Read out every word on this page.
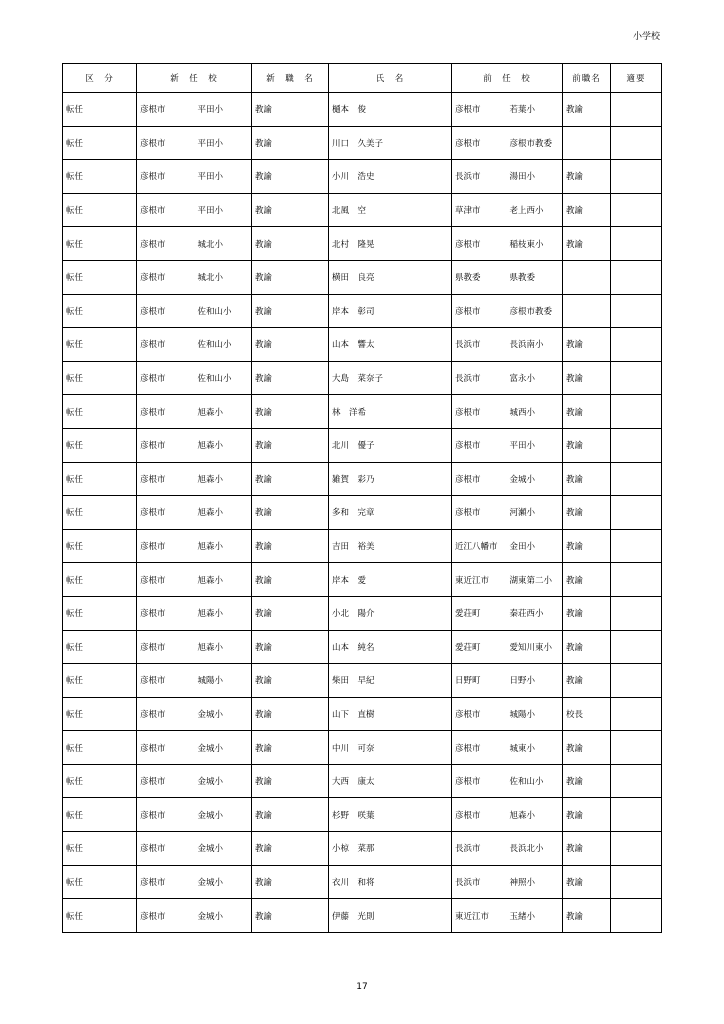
小学校
区　分	新　任　校		新　職　名	氏　名	前　任　校		前職名	適要
転任	彦根市	平田小	教諭	樋本　俊	彦根市	若葉小	教諭	
転任	彦根市	平田小	教諭	川口　久美子	彦根市	彦根市教委		
転任	彦根市	平田小	教諭	小川　浩史	長浜市	湯田小	教諭	
転任	彦根市	平田小	教諭	北風　空	草津市	老上西小	教諭	
転任	彦根市	城北小	教諭	北村　隆晃	彦根市	稲枝東小	教諭	
転任	彦根市	城北小	教諭	横田　良亮	県教委	県教委		
転任	彦根市	佐和山小	教諭	岸本　彰司	彦根市	彦根市教委		
転任	彦根市	佐和山小	教諭	山本　響太	長浜市	長浜南小	教諭	
転任	彦根市	佐和山小	教諭	大島　菜奈子	長浜市	富永小	教諭	
転任	彦根市	旭森小	教諭	林　洋希	彦根市	城西小	教諭	
転任	彦根市	旭森小	教諭	北川　優子	彦根市	平田小	教諭	
転任	彦根市	旭森小	教諭	雑賀　彩乃	彦根市	金城小	教諭	
転任	彦根市	旭森小	教諭	多和　完章	彦根市	河瀬小	教諭	
転任	彦根市	旭森小	教諭	吉田　裕美	近江八幡市	金田小	教諭	
転任	彦根市	旭森小	教諭	岸本　愛	東近江市	湖東第二小	教諭	
転任	彦根市	旭森小	教諭	小北　陽介	愛荘町	秦荘西小	教諭	
転任	彦根市	旭森小	教諭	山本　純名	愛荘町	愛知川東小	教諭	
転任	彦根市	城陽小	教諭	柴田　早紀	日野町	日野小	教諭	
転任	彦根市	金城小	教諭	山下　直樹	彦根市	城陽小	校長	
転任	彦根市	金城小	教諭	中川　可奈	彦根市	城東小	教諭	
転任	彦根市	金城小	教諭	大西　康太	彦根市	佐和山小	教諭	
転任	彦根市	金城小	教諭	杉野　咲葉	彦根市	旭森小	教諭	
転任	彦根市	金城小	教諭	小椋　菜那	長浜市	長浜北小	教諭	
転任	彦根市	金城小	教諭	衣川　和将	長浜市	神照小	教諭	
転任	彦根市	金城小	教諭	伊藤　光則	東近江市	玉緒小	教諭	
17
